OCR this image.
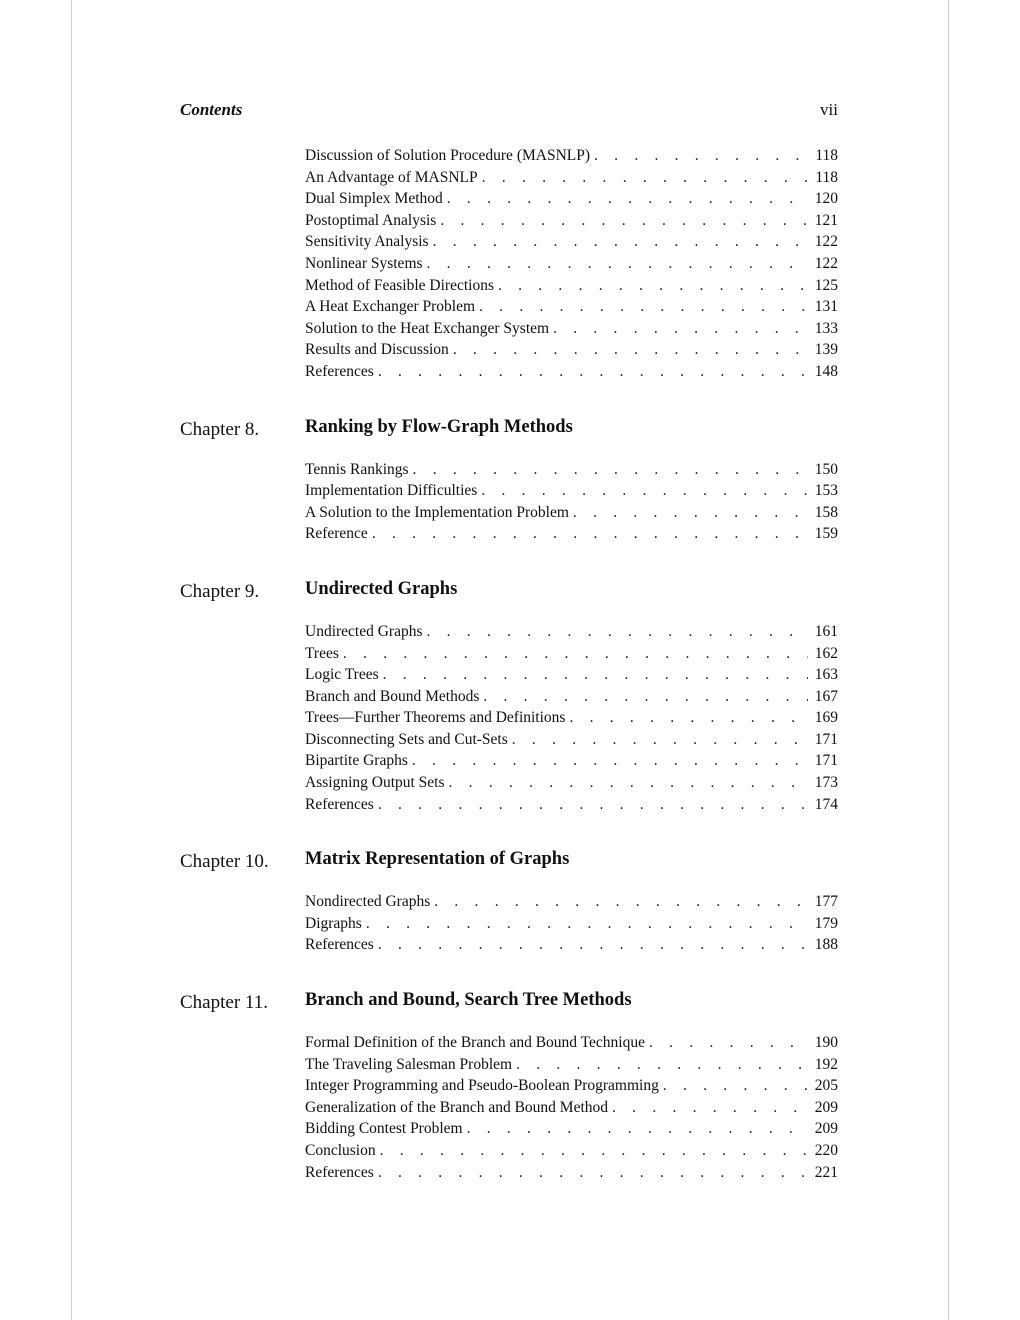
Contents	vii
Discussion of Solution Procedure (MASNLP) . . .	118
An Advantage of MASNLP . . .	118
Dual Simplex Method . . .	120
Postoptimal Analysis . . .	121
Sensitivity Analysis . . .	122
Nonlinear Systems . . .	122
Method of Feasible Directions . . .	125
A Heat Exchanger Problem . . .	131
Solution to the Heat Exchanger System . . .	133
Results and Discussion . . .	139
References . . .	148
Chapter 8. Ranking by Flow-Graph Methods
Tennis Rankings . . .	150
Implementation Difficulties . . .	153
A Solution to the Implementation Problem . . .	158
Reference . . .	159
Chapter 9. Undirected Graphs
Undirected Graphs . . .	161
Trees . . .	162
Logic Trees . . .	163
Branch and Bound Methods . . .	167
Trees—Further Theorems and Definitions . . .	169
Disconnecting Sets and Cut-Sets . . .	171
Bipartite Graphs . . .	171
Assigning Output Sets . . .	173
References . . .	174
Chapter 10. Matrix Representation of Graphs
Nondirected Graphs . . .	177
Digraphs . . .	179
References . . .	188
Chapter 11. Branch and Bound, Search Tree Methods
Formal Definition of the Branch and Bound Technique . . .	190
The Traveling Salesman Problem . . .	192
Integer Programming and Pseudo-Boolean Programming . . .	205
Generalization of the Branch and Bound Method . . .	209
Bidding Contest Problem . . .	209
Conclusion . . .	220
References . . .	221
